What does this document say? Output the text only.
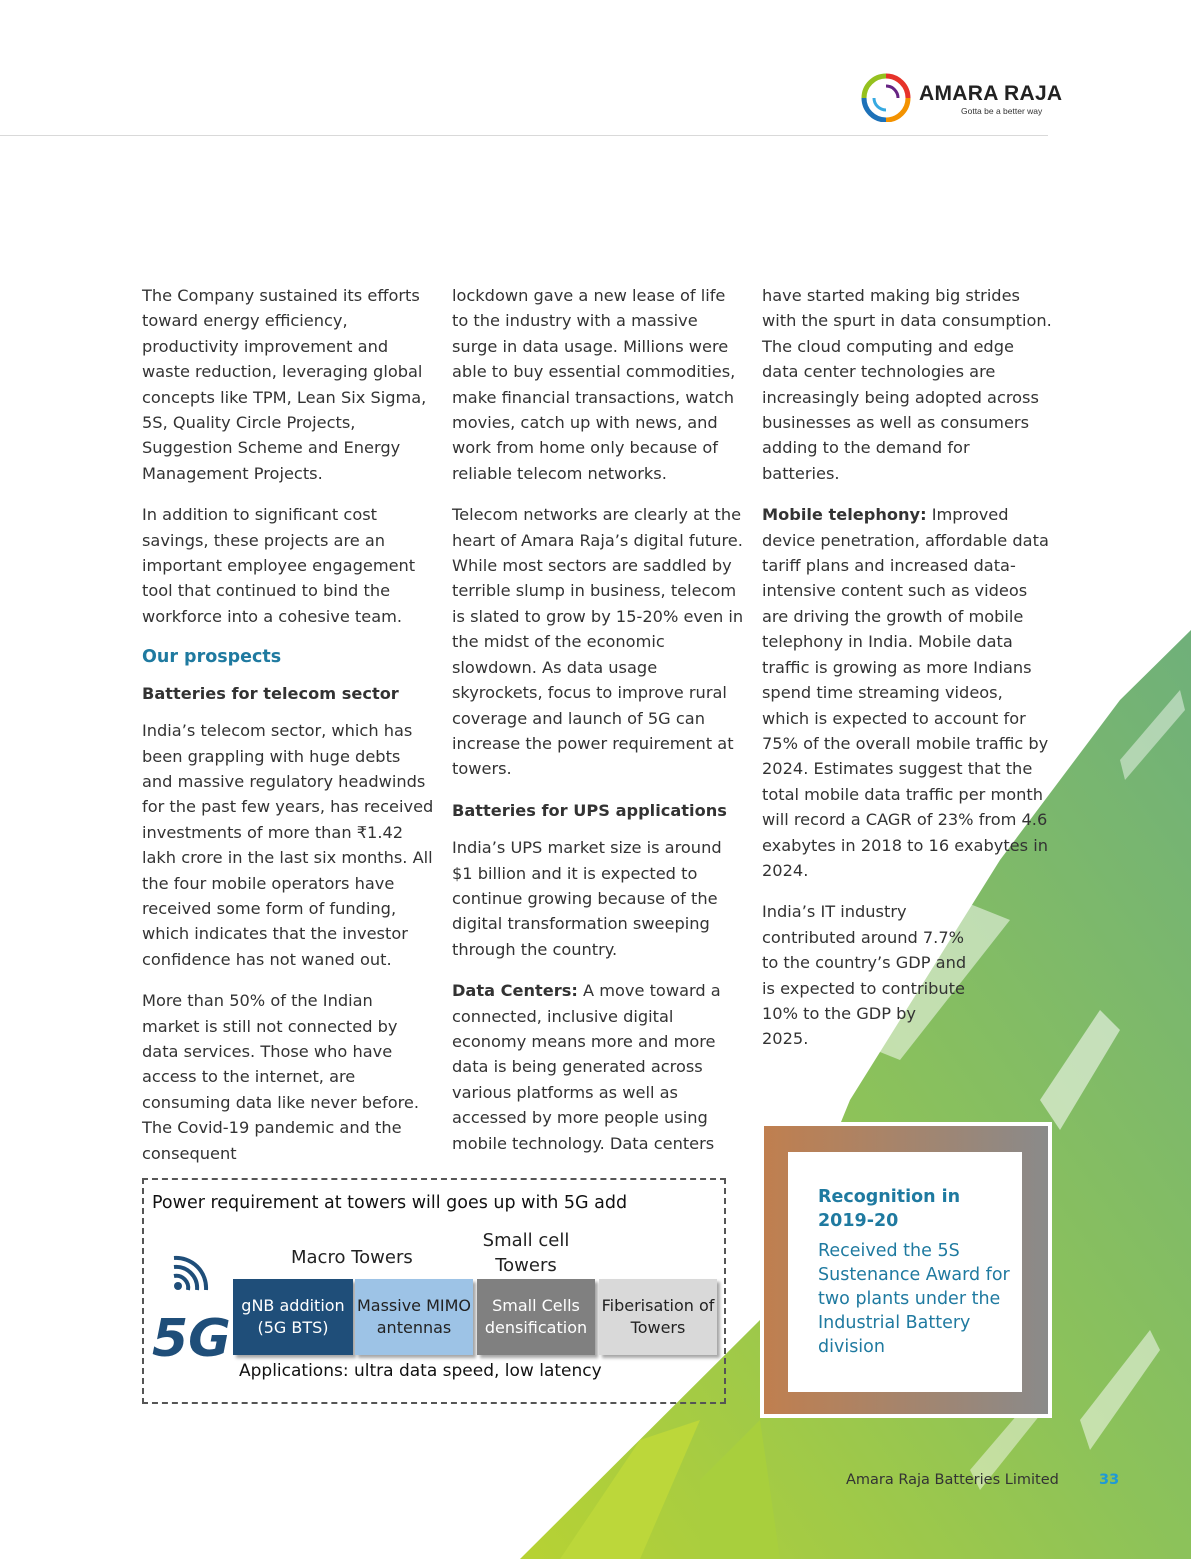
AMARA RAJA
Gotta be a better way

The Company sustained its efforts toward energy efficiency, productivity improvement and waste reduction, leveraging global concepts like TPM, Lean Six Sigma, 5S, Quality Circle Projects, Suggestion Scheme and Energy Management Projects.

In addition to significant cost savings, these projects are an important employee engagement tool that continued to bind the workforce into a cohesive team.

Our prospects
Batteries for telecom sector

India’s telecom sector, which has been grappling with huge debts and massive regulatory headwinds for the past few years, has received investments of more than ₹1.42 lakh crore in the last six months. All the four mobile operators have received some form of funding, which indicates that the investor confidence has not waned out.

More than 50% of the Indian market is still not connected by data services. Those who have access to the internet, are consuming data like never before. The Covid-19 pandemic and the consequent

lockdown gave a new lease of life to the industry with a massive surge in data usage. Millions were able to buy essential commodities, make financial transactions, watch movies, catch up with news, and work from home only because of reliable telecom networks.

Telecom networks are clearly at the heart of Amara Raja’s digital future. While most sectors are saddled by terrible slump in business, telecom is slated to grow by 15-20% even in the midst of the economic slowdown. As data usage skyrockets, focus to improve rural coverage and launch of 5G can increase the power requirement at towers.

Batteries for UPS applications

India’s UPS market size is around $1 billion and it is expected to continue growing because of the digital transformation sweeping through the country.

Data Centers: A move toward a connected, inclusive digital economy means more and more data is being generated across various platforms as well as accessed by more people using mobile technology. Data centers

have started making big strides with the spurt in data consumption. The cloud computing and edge data center technologies are increasingly being adopted across businesses as well as consumers adding to the demand for batteries.

Mobile telephony: Improved device penetration, affordable data tariff plans and increased data-intensive content such as videos are driving the growth of mobile telephony in India. Mobile data traffic is growing as more Indians spend time streaming videos, which is expected to account for 75% of the overall mobile traffic by 2024. Estimates suggest that the total mobile data traffic per month will record a CAGR of 23% from 4.6 exabytes in 2018 to 16 exabytes in 2024.

India’s IT industry contributed around 7.7% to the country’s GDP and is expected to contribute 10% to the GDP by 2025.

Power requirement at towers will goes up with 5G add
Macro Towers
Small cell Towers
5G
gNB addition (5G BTS)
Massive MIMO antennas
Small Cells densification
Fiberisation of Towers
Applications: ultra data speed, low latency
Recognition in 2019-20
Received the 5S Sustenance Award for two plants under the Industrial Battery division
Amara Raja Batteries Limited	33
